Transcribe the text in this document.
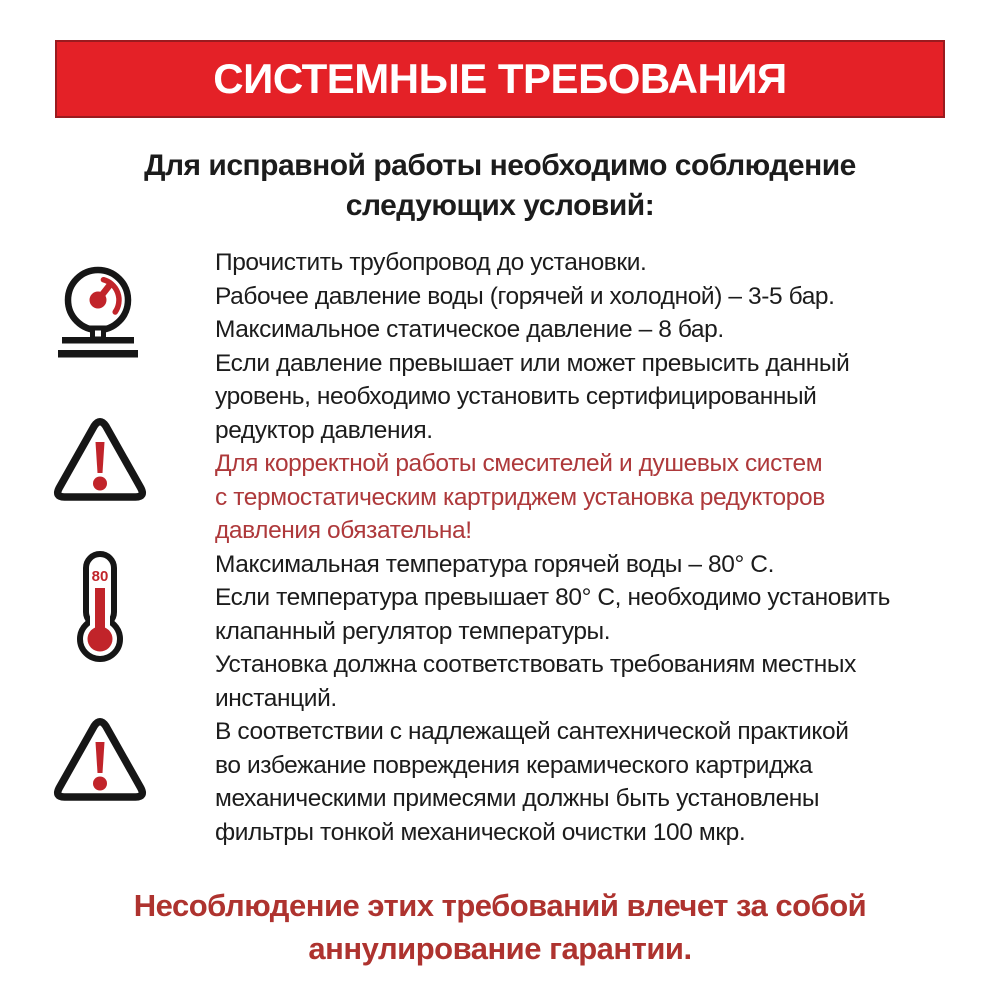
СИСТЕМНЫЕ ТРЕБОВАНИЯ
Для исправной работы необходимо соблюдение
следующих условий:
80
Прочистить трубопровод до установки.
Рабочее давление воды (горячей и холодной) – 3-5 бар.
Максимальное статическое давление – 8 бар.
Если давление превышает или может превысить данный
уровень, необходимо установить сертифицированный
редуктор давления.
Для корректной работы смесителей и душевых систем
с термостатическим картриджем установка редукторов
давления обязательна!
Максимальная температура горячей воды – 80° С.
Если температура превышает 80° С, необходимо установить
клапанный регулятор температуры.
Установка должна соответствовать требованиям местных
инстанций.
В соответствии с надлежащей сантехнической практикой
во избежание повреждения керамического картриджа
механическими примесями должны быть установлены
фильтры тонкой механической очистки 100 мкр.
Несоблюдение этих требований влечет за собой
аннулирование гарантии.
